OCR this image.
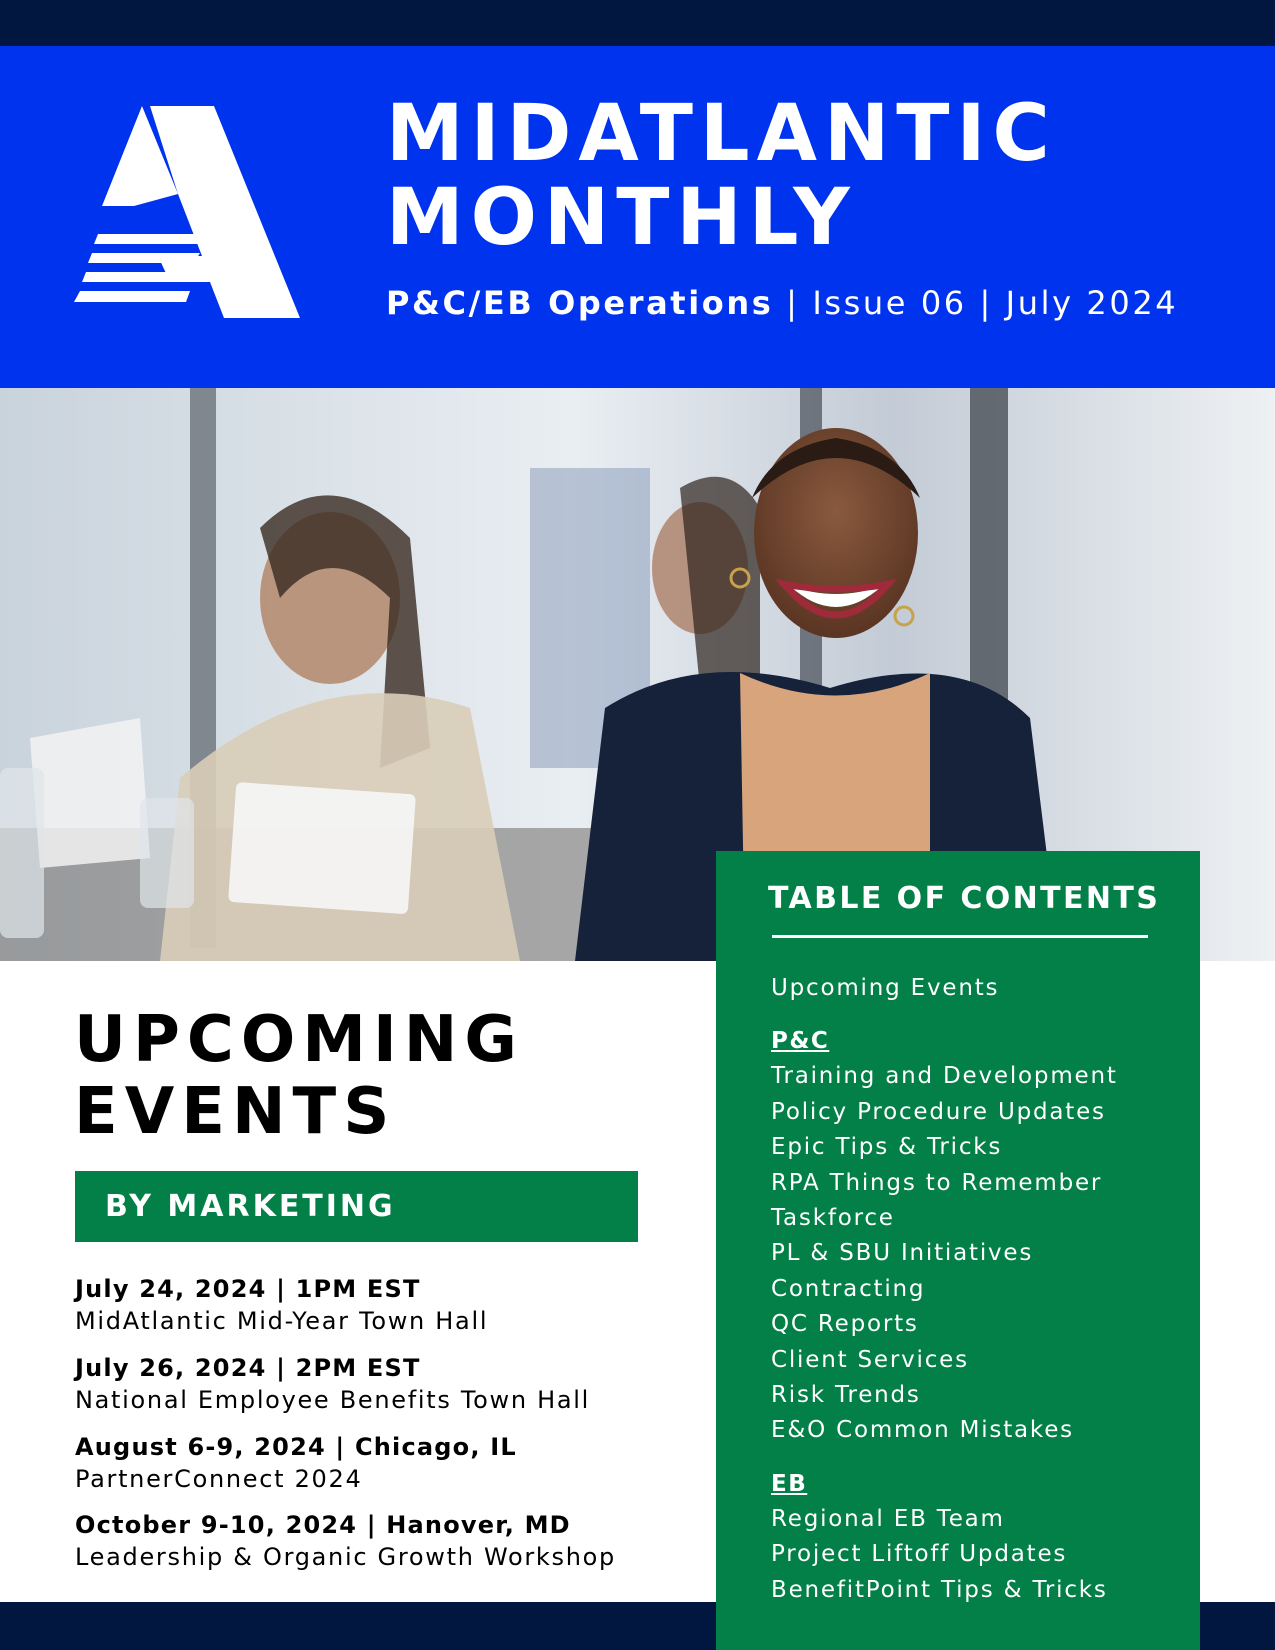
MIDATLANTIC
MONTHLY
P&C/EB Operations | Issue 06 | July 2024
UPCOMING
EVENTS
BY MARKETING
July 24, 2024 | 1PM EST
MidAtlantic Mid-Year Town Hall
July 26, 2024 | 2PM EST
National Employee Benefits Town Hall
August 6-9, 2024 | Chicago, IL
PartnerConnect 2024
October 9-10, 2024 | Hanover, MD
Leadership & Organic Growth Workshop
TABLE OF CONTENTS
Upcoming Events
P&C
Training and Development
Policy Procedure Updates
Epic Tips & Tricks
RPA Things to Remember
Taskforce
PL & SBU Initiatives
Contracting
QC Reports
Client Services
Risk Trends
E&O Common Mistakes
EB
Regional EB Team
Project Liftoff Updates
BenefitPoint Tips & Tricks
